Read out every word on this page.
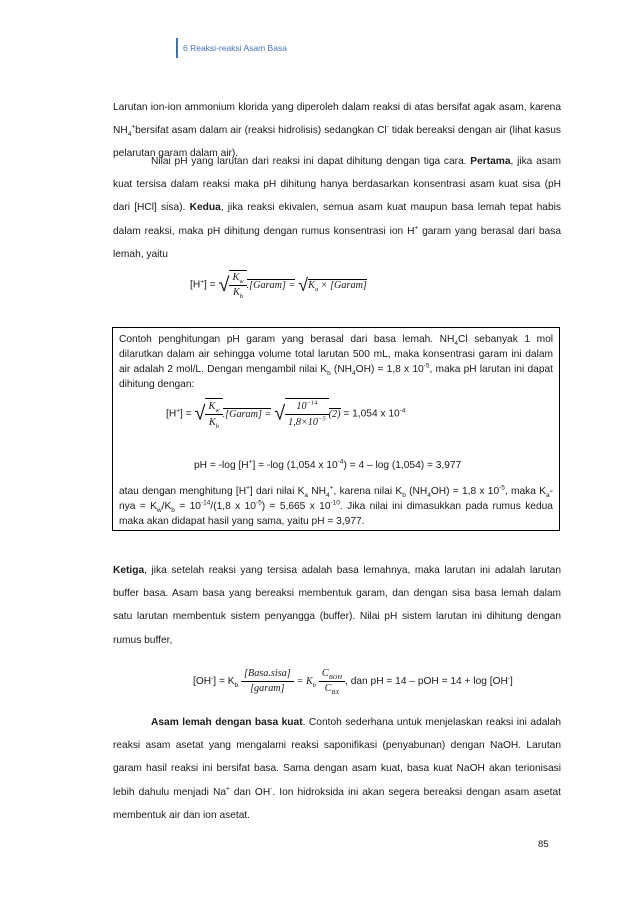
6 Reaksi-reaksi Asam Basa
Larutan ion-ion ammonium klorida yang diperoleh dalam reaksi di atas bersifat agak asam, karena $NH_4^+bersifat$ asam dalam air (reaksi hidrolisis) sedangkan Cl- tidak bereaksi dengan air (lihat kasus pelarutan garam dalam air).
Nilai pH yang larutan dari reaksi ini dapat dihitung dengan tiga cara. Pertama, jika asam kuat tersisa dalam reaksi maka pH dihitung hanya berdasarkan konsentrasi asam kuat sisa (pH dari [HCl] sisa). Kedua, jika reaksi ekivalen, semua asam kuat maupun basa lemah tepat habis dalam reaksi, maka pH dihitung dengan rumus konsentrasi ion H+ garam yang berasal dari basa lemah, yaitu
[H+] = √ $\frac{K_w}{K_b}$ .[Garam] = $√K_a$ × [Garam]
Contoh penghitungan pH garam yang berasal dari basa lemah. $NH_4Cl$ sebanyak 1 mol dilarutkan dalam air sehingga volume total larutan 500 mL, maka konsentrasi garam ini dalam air adalah 2 mol/L. Dengan mengambil nilai $K_b$ $(NH_4OH) = 1,8$ x $10^{-5}$, maka pH larutan ini dapat dihitung dengan:
[H+] = √ $\frac{K_w}{K_b}$ .[Garam] = √ $\frac{10^{-14}}{1,8\times 10^{-5}} (2) = 1,054$ x $10^{-4}$
pH = -log [H+] = -log (1,054 x $10^{-4}) = 4 - \log (1,054) = 3,977$
atau dengan menghitung [H+] dari nilai $K_a$ $NH_4^+$, karena nilai $K_b$ $(NH_4OH) = 1,8$ x $10^{-5}$, maka $K_a$-nya = $K_w/K_b = 10^{-14}/(1,8$ x $10^{-5}) = 5,665$ x $10^{-10}$. Jika nilai ini dimasukkan pada rumus kedua maka akan didapat hasil yang sama, yaitu pH = 3,977.
Ketiga, jika setelah reaksi yang tersisa adalah basa lemahnya, maka larutan ini adalah larutan buffer basa. Asam basa yang bereaksi membentuk garam, dan dengan sisa basa lemah dalam satu larutan membentuk sistem penyangga (buffer). Nilai pH sistem larutan ini dihitung dengan rumus buffer,
$[OH^-] = K_b \frac{\text{[Basa.sisa]}}{\text{[garam]}} = K_b \frac{C_{BOH}}{C_{BX}}$ , dan pH = 14 – pOH = 14 + log [OH-]
Asam lemah dengan basa kuat. Contoh sederhana untuk menjelaskan reaksi ini adalah reaksi asam asetat yang mengalami reaksi saponifikasi (penyabunan) dengan NaOH. Larutan garam hasil reaksi ini bersifat basa. Sama dengan asam kuat, basa kuat NaOH akan terionisasi lebih dahulu menjadi Na+ dan OH-. Ion hidroksida ini akan segera bereaksi dengan asam asetat membentuk air dan ion asetat.
85
